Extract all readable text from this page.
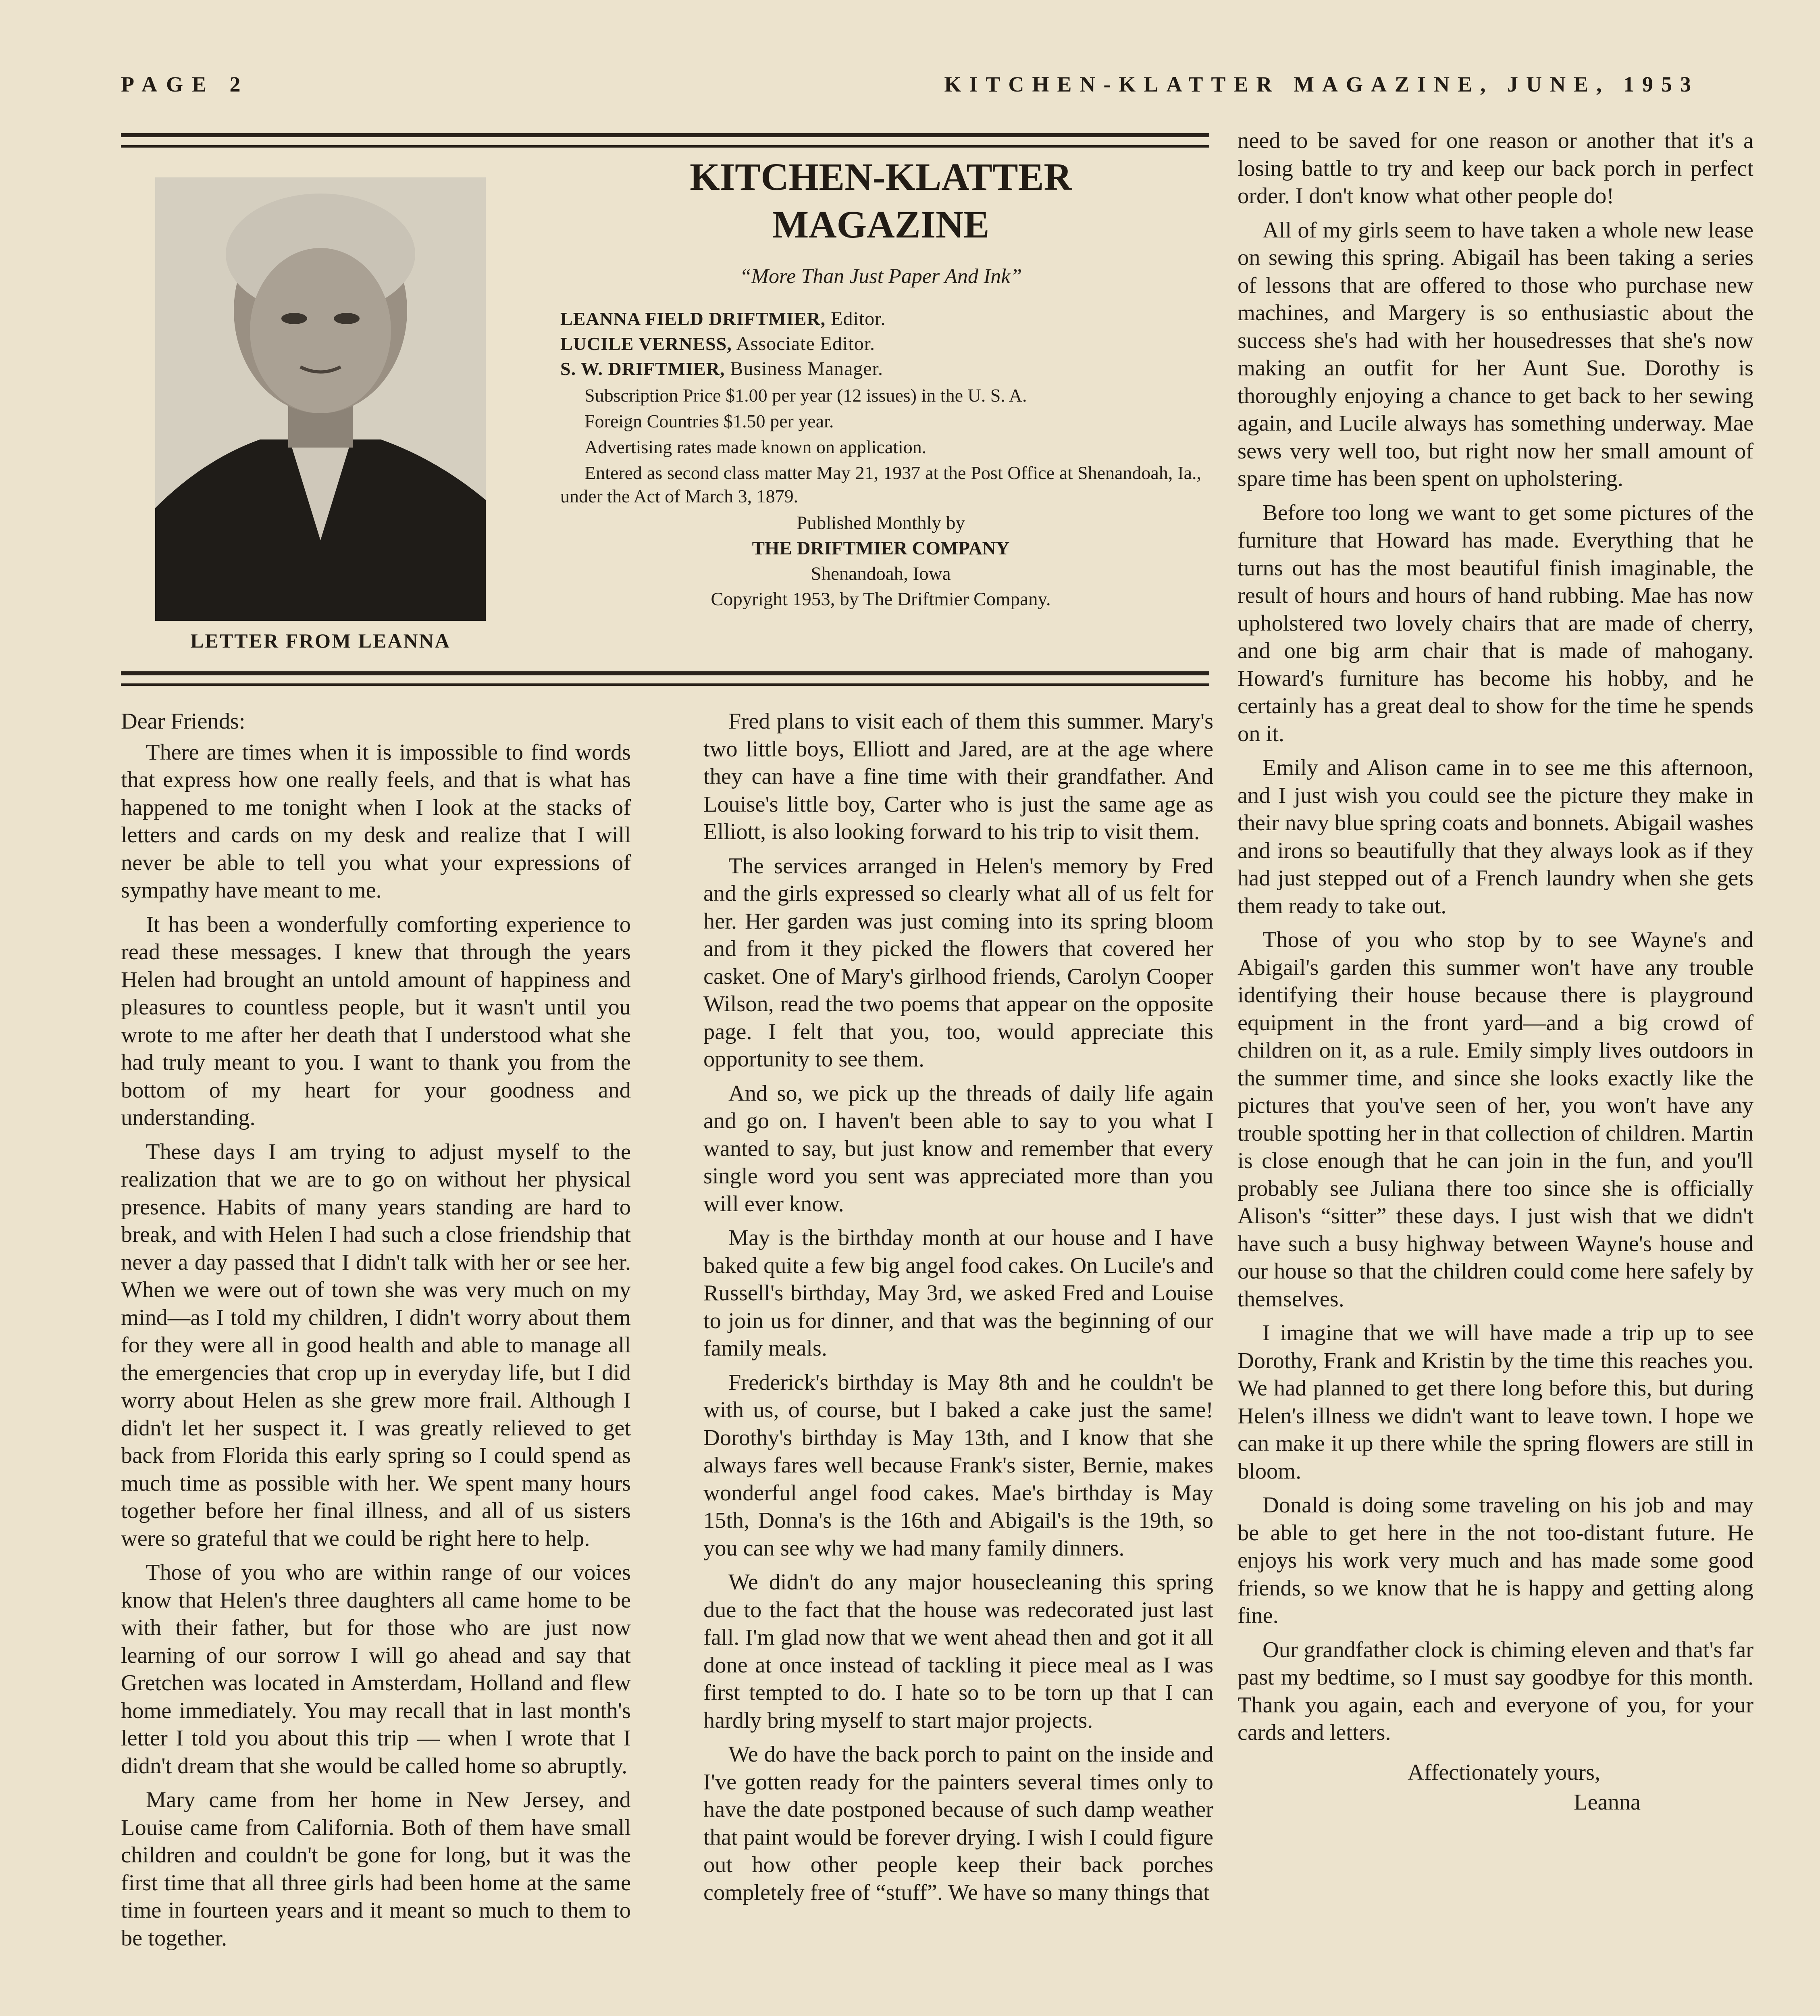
PAGE 2	KITCHEN-KLATTER MAGAZINE, JUNE, 1953
LETTER FROM LEANNA
KITCHEN-KLATTER
MAGAZINE
“More Than Just Paper And Ink”
LEANNA FIELD DRIFTMIER, Editor.
LUCILE VERNESS, Associate Editor.
S. W. DRIFTMIER, Business Manager.

Subscription Price $1.00 per year (12 issues) in the U. S. A.

Foreign Countries $1.50 per year.

Advertising rates made known on application.

Entered as second class matter May 21, 1937 at the Post Office at Shenandoah, Ia., under the Act of March 3, 1879.

Published Monthly by
THE DRIFTMIER COMPANY
Shenandoah, Iowa
Copyright 1953, by The Driftmier Company.

Dear Friends:

There are times when it is impossible to find words that express how one really feels, and that is what has happened to me tonight when I look at the stacks of letters and cards on my desk and realize that I will never be able to tell you what your expressions of sympathy have meant to me.

It has been a wonderfully comforting experience to read these messages. I knew that through the years Helen had brought an untold amount of happiness and pleasures to countless people, but it wasn't until you wrote to me after her death that I understood what she had truly meant to you. I want to thank you from the bottom of my heart for your goodness and understanding.

These days I am trying to adjust myself to the realization that we are to go on without her physical presence. Habits of many years standing are hard to break, and with Helen I had such a close friendship that never a day passed that I didn't talk with her or see her. When we were out of town she was very much on my mind—as I told my children, I didn't worry about them for they were all in good health and able to manage all the emergencies that crop up in everyday life, but I did worry about Helen as she grew more frail. Although I didn't let her suspect it. I was greatly relieved to get back from Florida this early spring so I could spend as much time as possible with her. We spent many hours together before her final illness, and all of us sisters were so grateful that we could be right here to help.

Those of you who are within range of our voices know that Helen's three daughters all came home to be with their father, but for those who are just now learning of our sorrow I will go ahead and say that Gretchen was located in Amsterdam, Holland and flew home immediately. You may recall that in last month's letter I told you about this trip — when I wrote that I didn't dream that she would be called home so abruptly.

Mary came from her home in New Jersey, and Louise came from California. Both of them have small children and couldn't be gone for long, but it was the first time that all three girls had been home at the same time in fourteen years and it meant so much to them to be together.

Fred plans to visit each of them this summer. Mary's two little boys, Elliott and Jared, are at the age where they can have a fine time with their grandfather. And Louise's little boy, Carter who is just the same age as Elliott, is also looking forward to his trip to visit them.

The services arranged in Helen's memory by Fred and the girls expressed so clearly what all of us felt for her. Her garden was just coming into its spring bloom and from it they picked the flowers that covered her casket. One of Mary's girlhood friends, Carolyn Cooper Wilson, read the two poems that appear on the opposite page. I felt that you, too, would appreciate this opportunity to see them.

And so, we pick up the threads of daily life again and go on. I haven't been able to say to you what I wanted to say, but just know and remember that every single word you sent was appreciated more than you will ever know.

May is the birthday month at our house and I have baked quite a few big angel food cakes. On Lucile's and Russell's birthday, May 3rd, we asked Fred and Louise to join us for dinner, and that was the beginning of our family meals.

Frederick's birthday is May 8th and he couldn't be with us, of course, but I baked a cake just the same! Dorothy's birthday is May 13th, and I know that she always fares well because Frank's sister, Bernie, makes wonderful angel food cakes. Mae's birthday is May 15th, Donna's is the 16th and Abigail's is the 19th, so you can see why we had many family dinners.

We didn't do any major housecleaning this spring due to the fact that the house was redecorated just last fall. I'm glad now that we went ahead then and got it all done at once instead of tackling it piece meal as I was first tempted to do. I hate so to be torn up that I can hardly bring myself to start major projects.

We do have the back porch to paint on the inside and I've gotten ready for the painters several times only to have the date postponed because of such damp weather that paint would be forever drying. I wish I could figure out how other people keep their back porches completely free of “stuff”. We have so many things that

need to be saved for one reason or another that it's a losing battle to try and keep our back porch in perfect order. I don't know what other people do!

All of my girls seem to have taken a whole new lease on sewing this spring. Abigail has been taking a series of lessons that are offered to those who purchase new machines, and Margery is so enthusiastic about the success she's had with her housedresses that she's now making an outfit for her Aunt Sue. Dorothy is thoroughly enjoying a chance to get back to her sewing again, and Lucile always has something underway. Mae sews very well too, but right now her small amount of spare time has been spent on upholstering.

Before too long we want to get some pictures of the furniture that Howard has made. Everything that he turns out has the most beautiful finish imaginable, the result of hours and hours of hand rubbing. Mae has now upholstered two lovely chairs that are made of cherry, and one big arm chair that is made of mahogany. Howard's furniture has become his hobby, and he certainly has a great deal to show for the time he spends on it.

Emily and Alison came in to see me this afternoon, and I just wish you could see the picture they make in their navy blue spring coats and bonnets. Abigail washes and irons so beautifully that they always look as if they had just stepped out of a French laundry when she gets them ready to take out.

Those of you who stop by to see Wayne's and Abigail's garden this summer won't have any trouble identifying their house because there is playground equipment in the front yard—and a big crowd of children on it, as a rule. Emily simply lives outdoors in the summer time, and since she looks exactly like the pictures that you've seen of her, you won't have any trouble spotting her in that collection of children. Martin is close enough that he can join in the fun, and you'll probably see Juliana there too since she is officially Alison's “sitter” these days. I just wish that we didn't have such a busy highway between Wayne's house and our house so that the children could come here safely by themselves.

I imagine that we will have made a trip up to see Dorothy, Frank and Kristin by the time this reaches you. We had planned to get there long before this, but during Helen's illness we didn't want to leave town. I hope we can make it up there while the spring flowers are still in bloom.

Donald is doing some traveling on his job and may be able to get here in the not too-distant future. He enjoys his work very much and has made some good friends, so we know that he is happy and getting along fine.

Our grandfather clock is chiming eleven and that's far past my bedtime, so I must say goodbye for this month. Thank you again, each and everyone of you, for your cards and letters.

Affectionately yours,
Leanna
